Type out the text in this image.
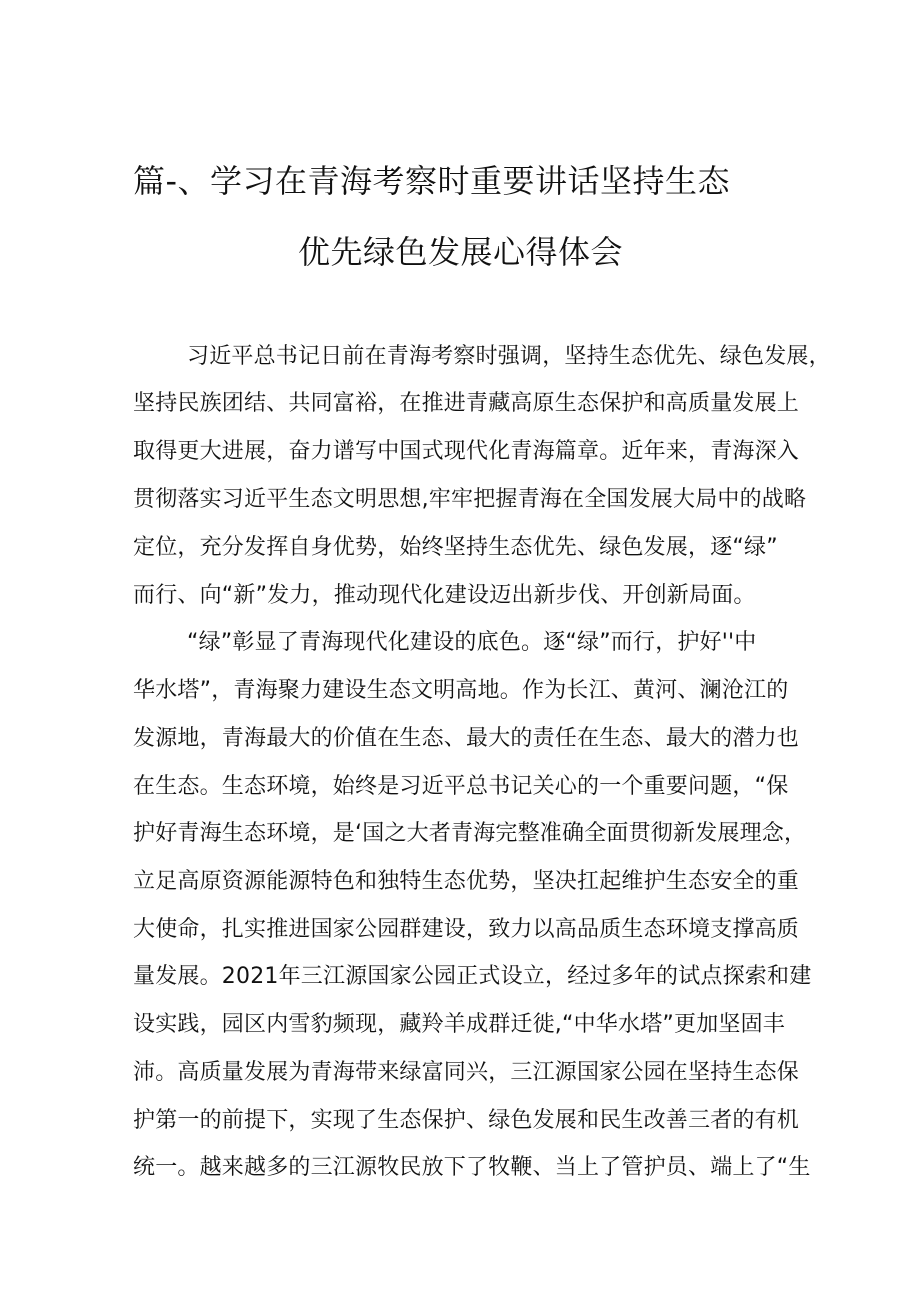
篇-、学习在青海考察时重要讲话坚持生态
优先绿色发展心得体会
习近平总书记日前在青海考察时强调，坚持生态优先、绿色发展，
坚持民族团结、共同富裕，在推进青藏高原生态保护和高质量发展上
取得更大进展，奋力谱写中国式现代化青海篇章。近年来，青海深入
贯彻落实习近平生态文明思想,牢牢把握青海在全国发展大局中的战略
定位，充分发挥自身优势，始终坚持生态优先、绿色发展，逐“绿”
而行、向“新”发力，推动现代化建设迈出新步伐、开创新局面。
“绿”彰显了青海现代化建设的底色。逐“绿”而行，护好''中
华水塔”，青海聚力建设生态文明高地。作为长江、黄河、澜沧江的
发源地，青海最大的价值在生态、最大的责任在生态、最大的潜力也
在生态。生态环境，始终是习近平总书记关心的一个重要问题，“保
护好青海生态环境，是‘国之大者青海完整准确全面贯彻新发展理念，
立足高原资源能源特色和独特生态优势，坚决扛起维护生态安全的重
大使命，扎实推进国家公园群建设，致力以高品质生态环境支撑高质
量发展。2021年三江源国家公园正式设立，经过多年的试点探索和建
设实践，园区内雪豹频现，藏羚羊成群迁徙,“中华水塔”更加坚固丰
沛。高质量发展为青海带来绿富同兴，三江源国家公园在坚持生态保
护第一的前提下，实现了生态保护、绿色发展和民生改善三者的有机
统一。越来越多的三江源牧民放下了牧鞭、当上了管护员、端上了“生
